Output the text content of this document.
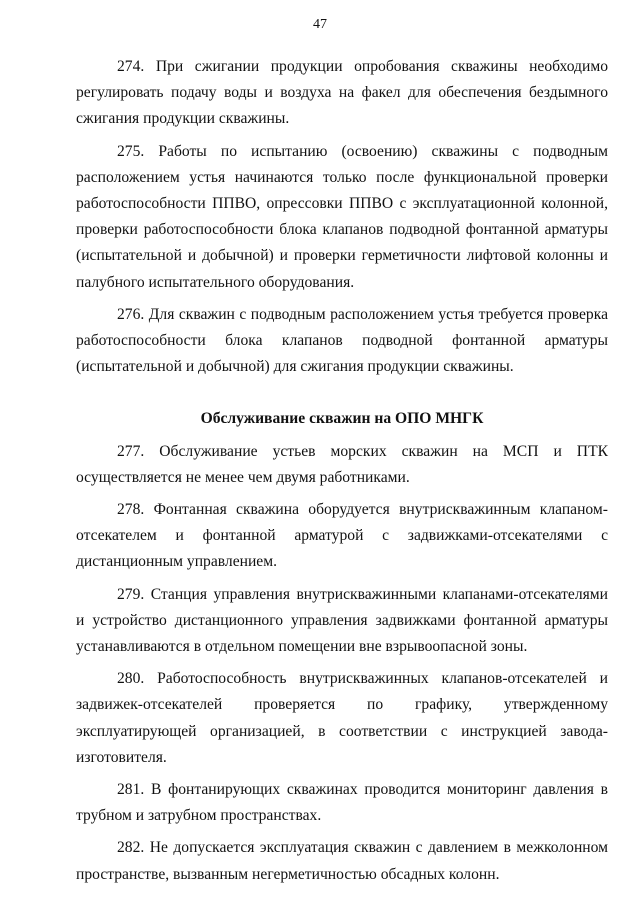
47

274. При сжигании продукции опробования скважины необходимо регулировать подачу воды и воздуха на факел для обеспечения бездымного сжигания продукции скважины.

275. Работы по испытанию (освоению) скважины с подводным расположением устья начинаются только после функциональной проверки работоспособности ППВО, опрессовки ППВО с эксплуатационной колонной, проверки работоспособности блока клапанов подводной фонтанной арматуры (испытательной и добычной) и проверки герметичности лифтовой колонны и палубного испытательного оборудования.

276. Для скважин с подводным расположением устья требуется проверка работоспособности блока клапанов подводной фонтанной арматуры (испытательной и добычной) для сжигания продукции скважины.

Обслуживание скважин на ОПО МНГК

277. Обслуживание устьев морских скважин на МСП и ПТК осуществляется не менее чем двумя работниками.

278. Фонтанная скважина оборудуется внутрискважинным клапаном-отсекателем и фонтанной арматурой с задвижками-отсекателями с дистанционным управлением.

279. Станция управления внутрискважинными клапанами-отсекателями и устройство дистанционного управления задвижками фонтанной арматуры устанавливаются в отдельном помещении вне взрывоопасной зоны.

280. Работоспособность внутрискважинных клапанов-отсекателей и задвижек-отсекателей проверяется по графику, утвержденному эксплуатирующей организацией, в соответствии с инструкцией завода-изготовителя.

281. В фонтанирующих скважинах проводится мониторинг давления в трубном и затрубном пространствах.

282. Не допускается эксплуатация скважин с давлением в межколонном пространстве, вызванным негерметичностью обсадных колонн.
